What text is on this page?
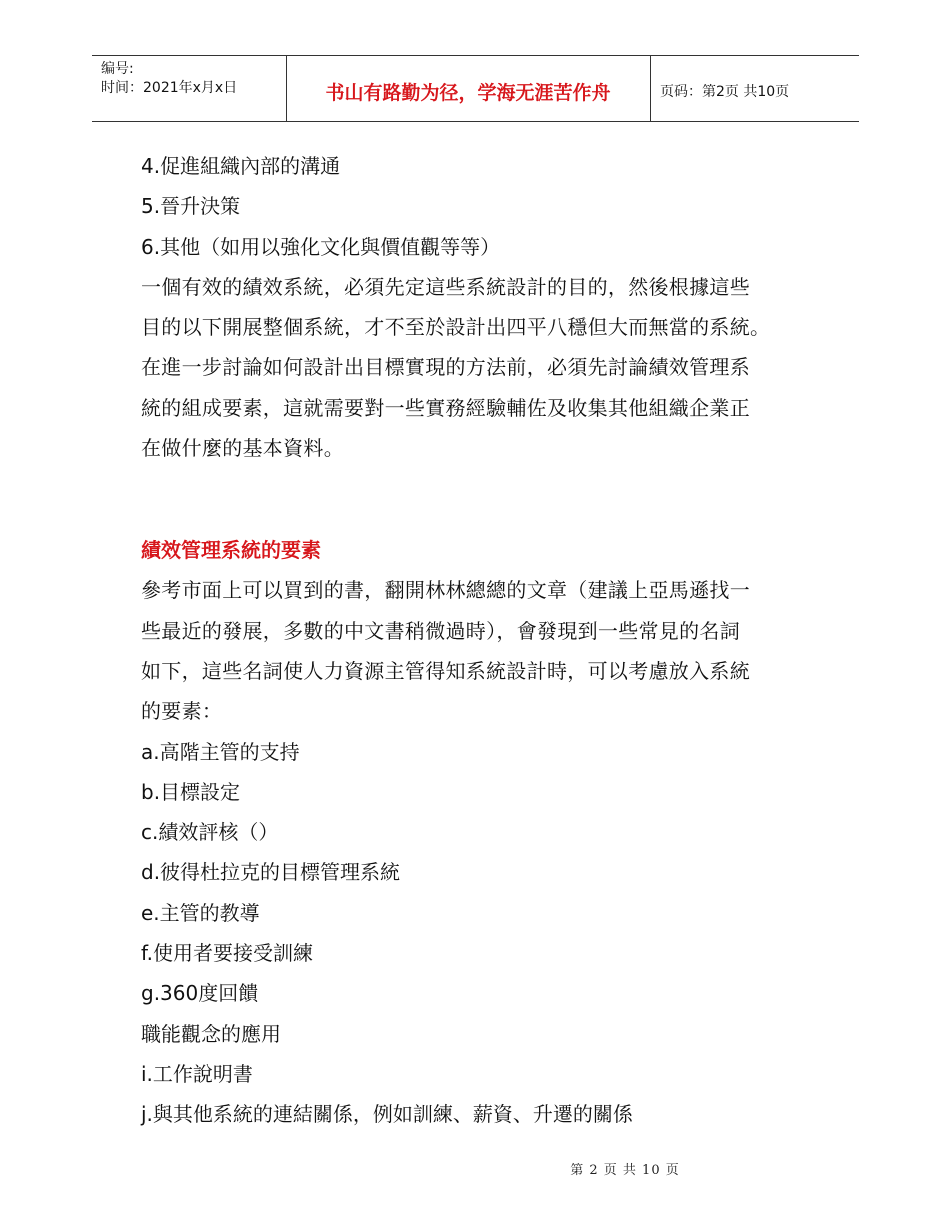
编号:
时间：2021年x月x日	书山有路勤为径，学海无涯苦作舟	页码：第2页 共10页
4.促進組織內部的溝通
5.晉升決策
6.其他（如用以強化文化與價值觀等等）
一個有效的績效系統，必須先定這些系統設計的目的，然後根據這些
目的以下開展整個系統，才不至於設計出四平八穩但大而無當的系統。
在進一步討論如何設計出目標實現的方法前，必須先討論績效管理系
統的組成要素，這就需要對一些實務經驗輔佐及收集其他組織企業正
在做什麼的基本資料。
績效管理系統的要素
參考市面上可以買到的書，翻開林林總總的文章（建議上亞馬遜找一
些最近的發展，多數的中文書稍微過時），會發現到一些常見的名詞
如下，這些名詞使人力資源主管得知系統設計時，可以考慮放入系統
的要素：
a.高階主管的支持
b.目標設定
c.績效評核（）
d.彼得杜拉克的目標管理系統
e.主管的教導
f.使用者要接受訓練
g.360度回饋
職能觀念的應用
i.工作說明書
j.與其他系統的連結關係，例如訓練、薪資、升遷的關係
第 2 页 共 10 页
